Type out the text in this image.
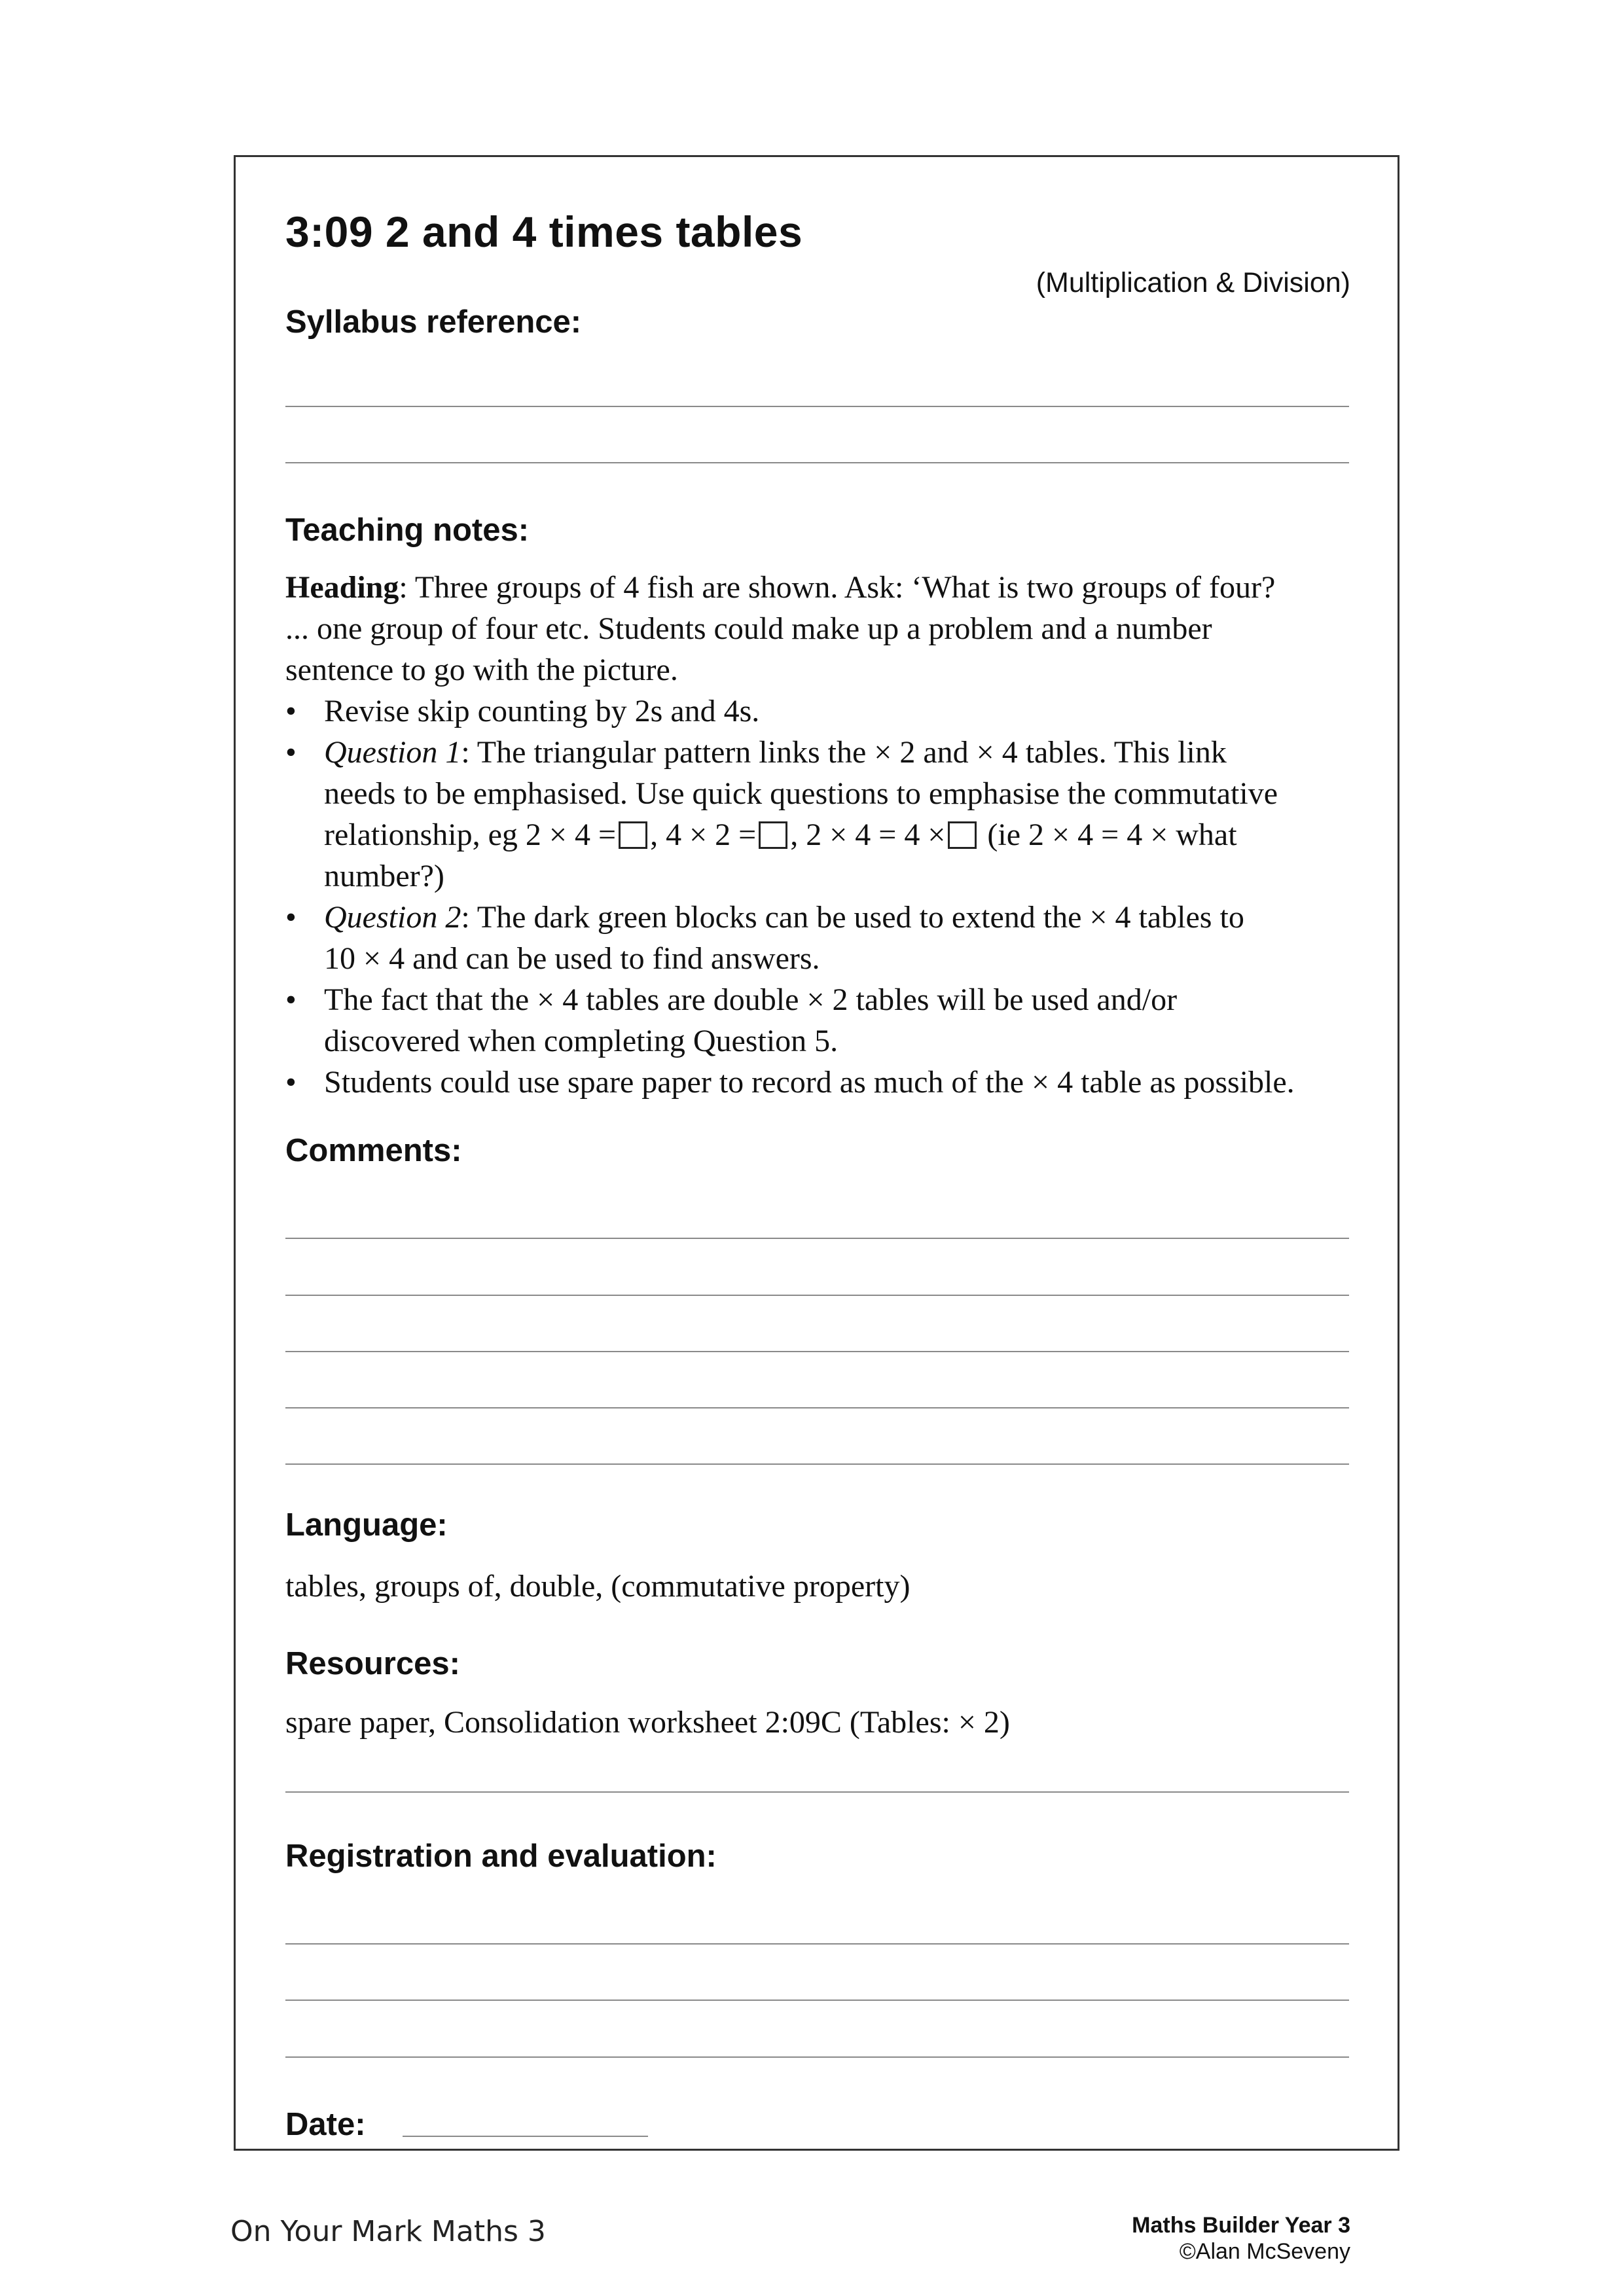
3:09 2 and 4 times tables
(Multiplication & Division)
Syllabus reference:
Teaching notes:

Heading: Three groups of 4 fish are shown. Ask: ‘What is two groups of four?
... one group of four etc. Students could make up a problem and a number
sentence to go with the picture.

• Revise skip counting by 2s and 4s.
• Question 1: The triangular pattern links the × 2 and × 4 tables. This link
needs to be emphasised. Use quick questions to emphasise the commutative
relationship, eg 2 × 4 = , 4 × 2 = , 2 × 4 = 4 × (ie 2 × 4 = 4 × what
number?)
• Question 2: The dark green blocks can be used to extend the × 4 tables to
10 × 4 and can be used to find answers.
• The fact that the × 4 tables are double × 2 tables will be used and/or
discovered when completing Question 5.
• Students could use spare paper to record as much of the × 4 table as possible.
Comments:
Language:
tables, groups of, double, (commutative property)
Resources:
spare paper, Consolidation worksheet 2:09C (Tables: × 2)
Registration and evaluation:
Date:
On Your Mark Maths 3	Maths Builder Year 3
©Alan McSeveny
